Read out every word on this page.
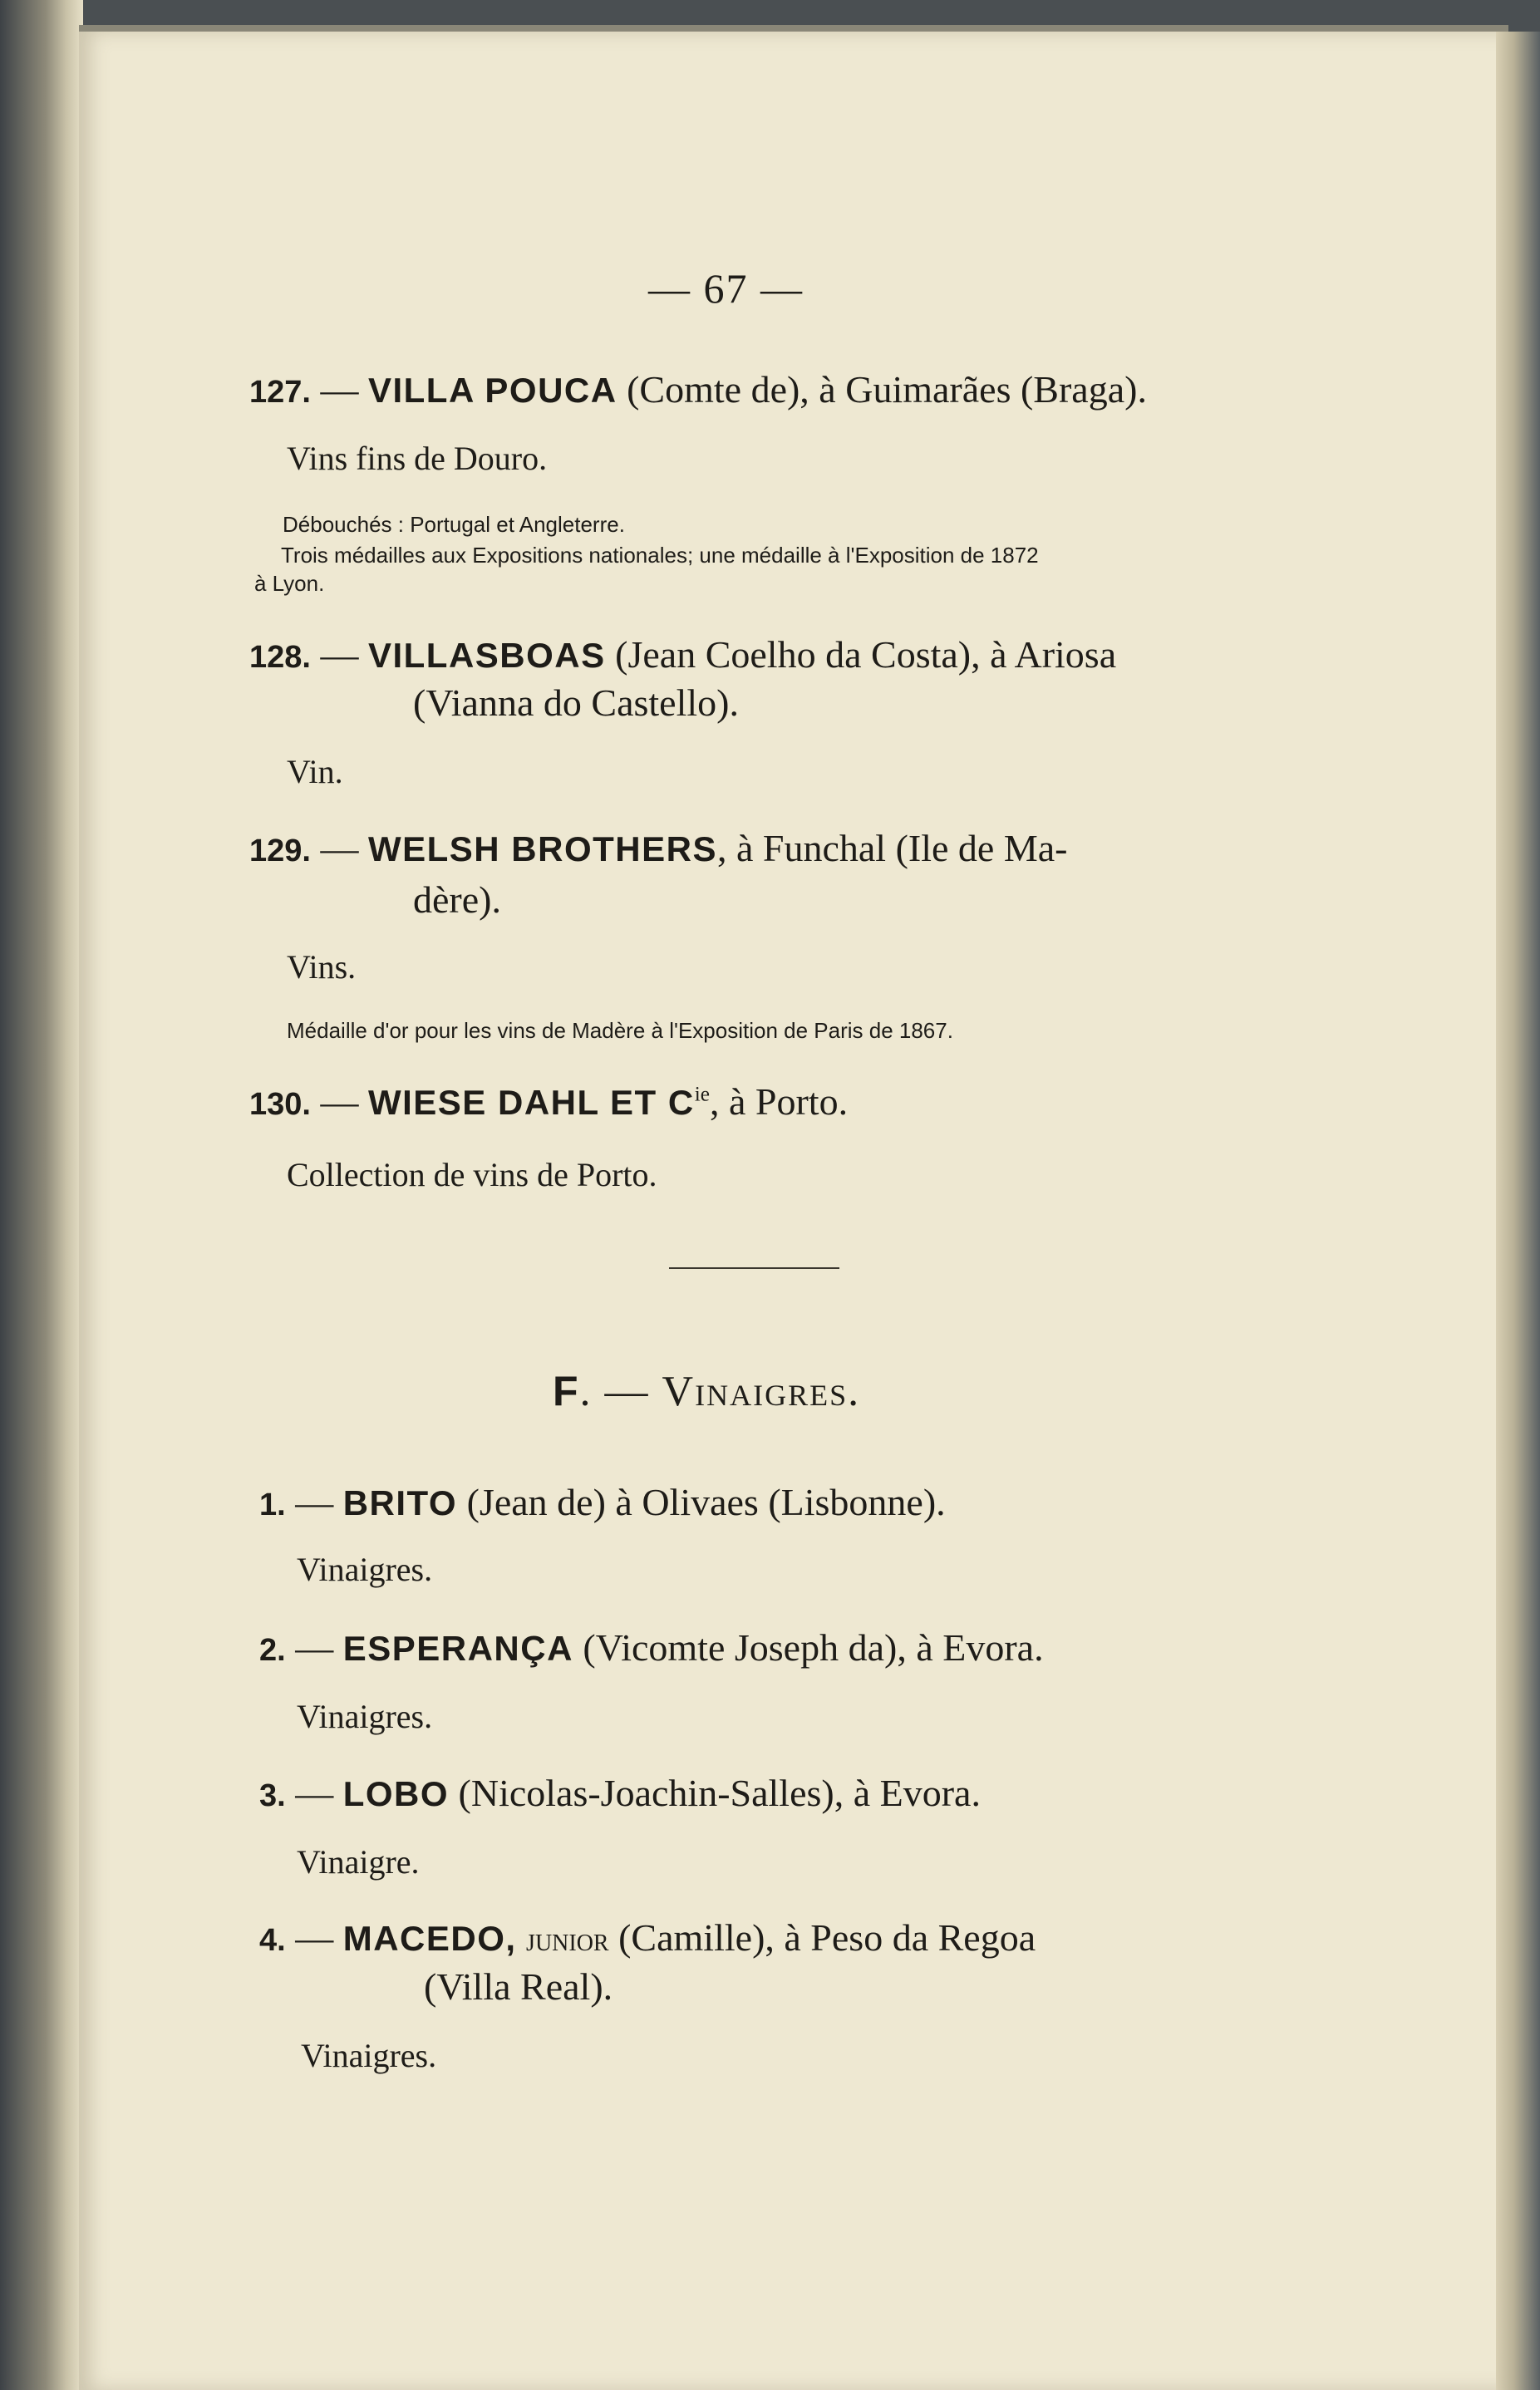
— 67 —
127. — VILLA POUCA (Comte de), à Guimarães (Braga).
Vins fins de Douro.
Débouchés : Portugal et Angleterre.
Trois médailles aux Expositions nationales; une médaille à l'Exposition de 1872
à Lyon.
128. — VILLASBOAS (Jean Coelho da Costa), à Ariosa
(Vianna do Castello).
Vin.
129. — WELSH BROTHERS, à Funchal (Ile de Ma-
dère).
Vins.
Médaille d'or pour les vins de Madère à l'Exposition de Paris de 1867.
130. — WIESE DAHL ET $C^{ie}$, à Porto.
Collection de vins de Porto.
F. — Vinaigres.
1. — BRITO (Jean de) à Olivaes (Lisbonne).
Vinaigres.
2. — ESPERANÇA (Vicomte Joseph da), à Evora.
Vinaigres.
3. — LOBO (Nicolas-Joachin-Salles), à Evora.
Vinaigre.
4. — MACEDO, junior (Camille), à Peso da Regoa
(Villa Real).
Vinaigres.
